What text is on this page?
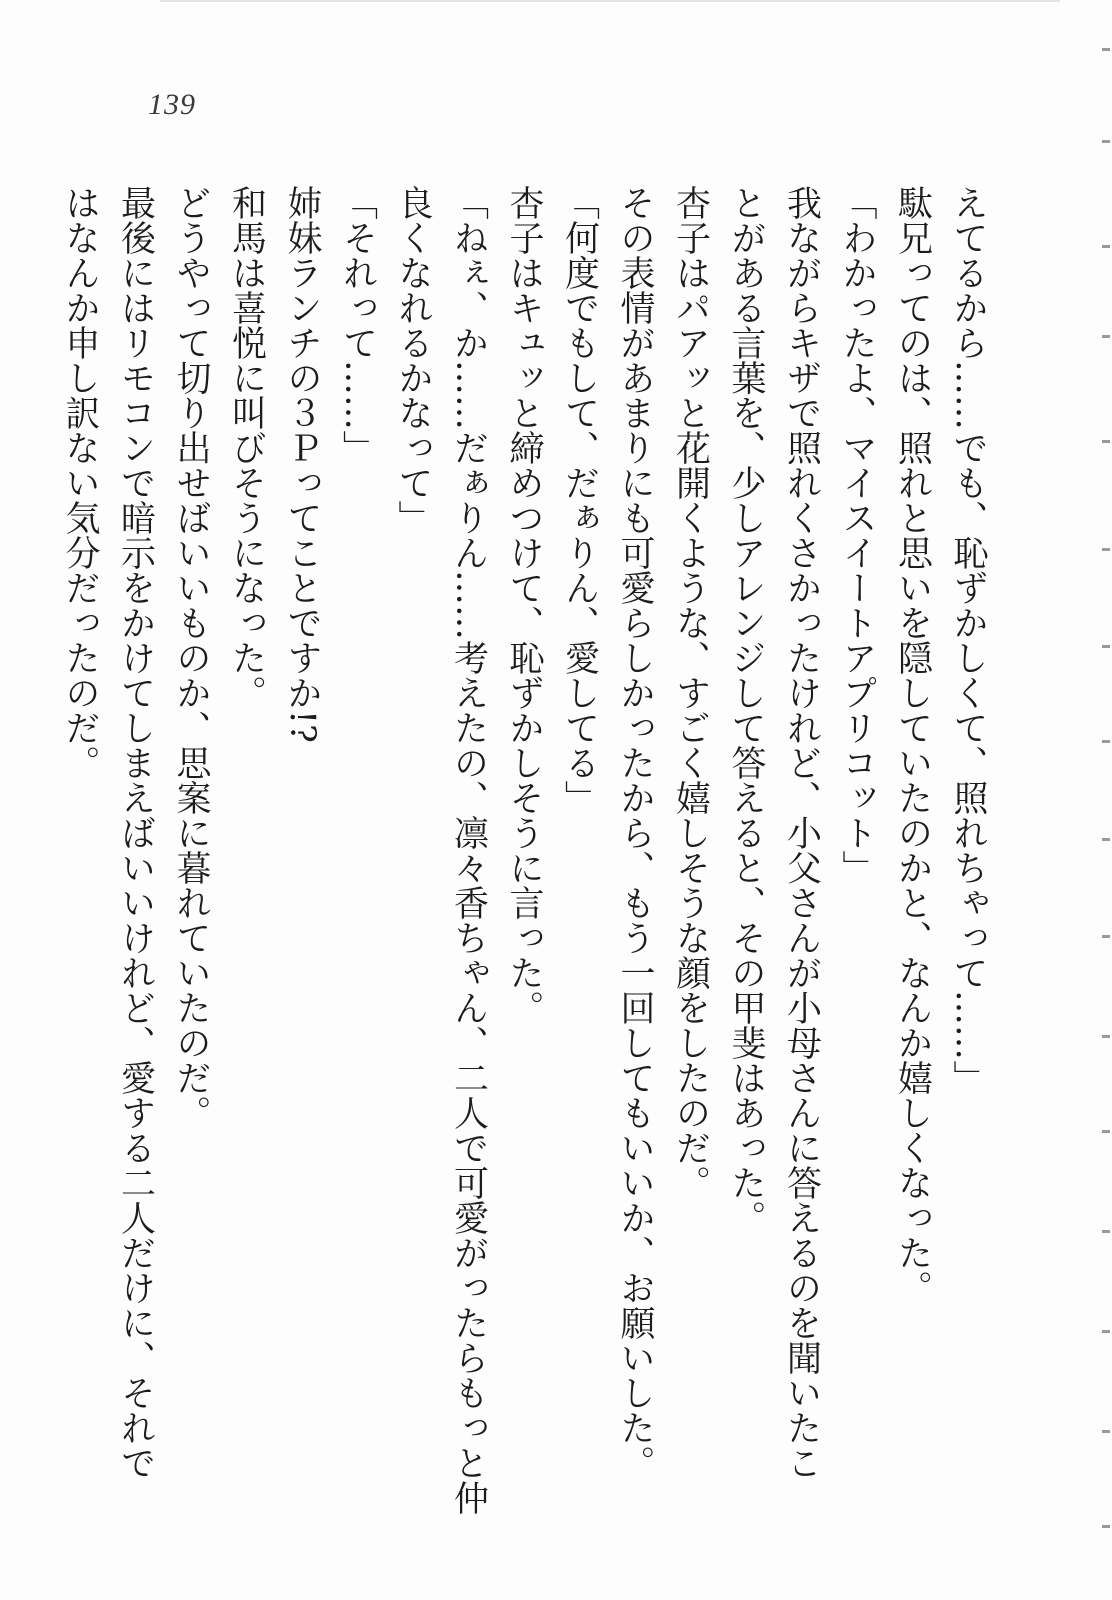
139

えてるから……でも、恥ずかしくて、照れちゃって……」

駄兄ってのは、照れと思いを隠していたのかと、なんか嬉しくなった。

「わかったよ、マイスイートアプリコット」

我ながらキザで照れくさかったけれど、小父さんが小母さんに答えるのを聞いたこ

とがある言葉を、少しアレンジして答えると、その甲斐はあった。

杏子はパアッと花開くような、すごく嬉しそうな顔をしたのだ。

その表情があまりにも可愛らしかったから、もう一回してもいいか、お願いした。

「何度でもして、だぁりん、愛してる」

杏子はキュッと締めつけて、恥ずかしそうに言った。

「ねぇ、か……だぁりん……考えたの、凛々香ちゃん、二人で可愛がったらもっと仲

良くなれるかなって」

「それって……」

姉妹ランチの３Ｐってことですか!?

和馬は喜悦に叫びそうになった。

どうやって切り出せばいいものか、思案に暮れていたのだ。

最後にはリモコンで暗示をかけてしまえばいいけれど、愛する二人だけに、それで

はなんか申し訳ない気分だったのだ。
